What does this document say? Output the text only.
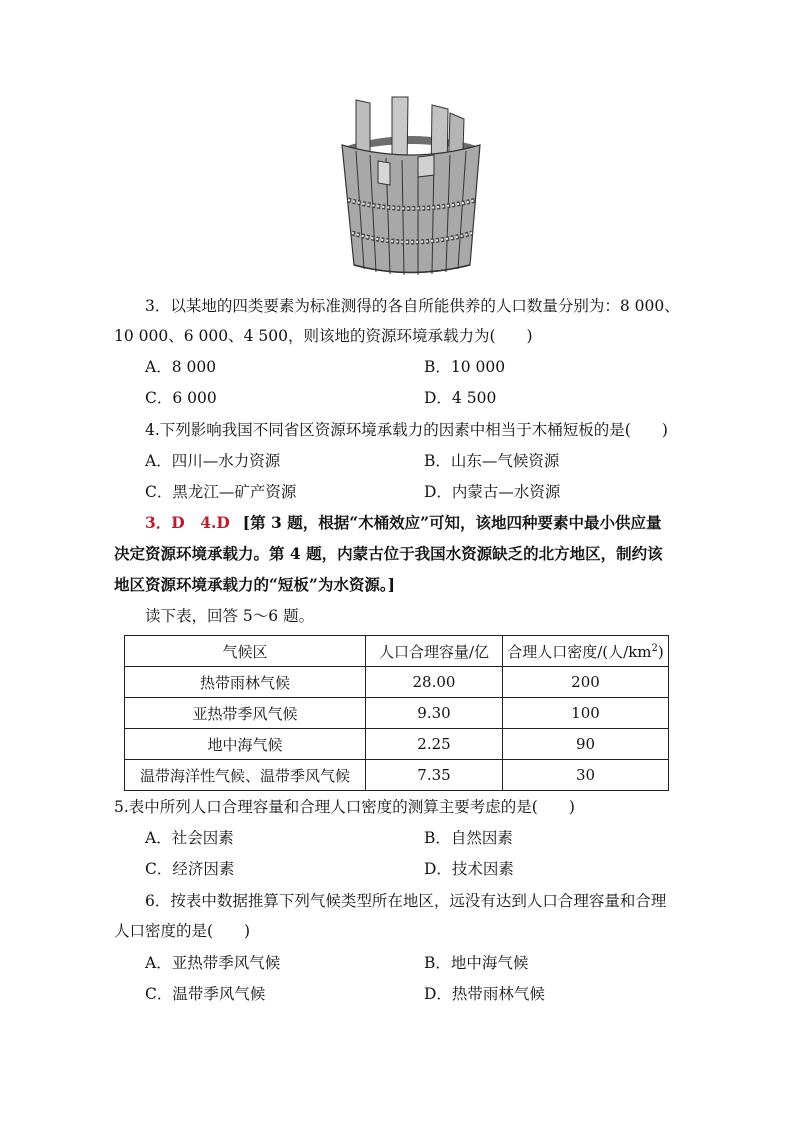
3．以某地的四类要素为标准测得的各自所能供养的人口数量分别为：8 000、
10 000、6 000、4 500，则该地的资源环境承载力为(　　)
A．8 000	B．10 000
C．6 000	D．4 500
4.下列影响我国不同省区资源环境承载力的因素中相当于木桶短板的是(　　)
A．四川—水力资源	B．山东—气候资源
C．黑龙江—矿产资源	D．内蒙古—水资源
3．D　4.D [第 3 题，根据“木桶效应”可知，该地四种要素中最小供应量
决定资源环境承载力。第 4 题，内蒙古位于我国水资源缺乏的北方地区，制约该
地区资源环境承载力的“短板”为水资源。]
读下表，回答 5～6 题。
气候区	人口合理容量/亿	合理人口密度/(人$/km^2$)
热带雨林气候	28.00	200
亚热带季风气候	9.30	100
地中海气候	2.25	90
温带海洋性气候、温带季风气候	7.35	30
5.表中所列人口合理容量和合理人口密度的测算主要考虑的是(　　)
A．社会因素	B．自然因素
C．经济因素	D．技术因素
6．按表中数据推算下列气候类型所在地区，远没有达到人口合理容量和合理
人口密度的是(　　)
A．亚热带季风气候	B．地中海气候
C．温带季风气候	D．热带雨林气候
